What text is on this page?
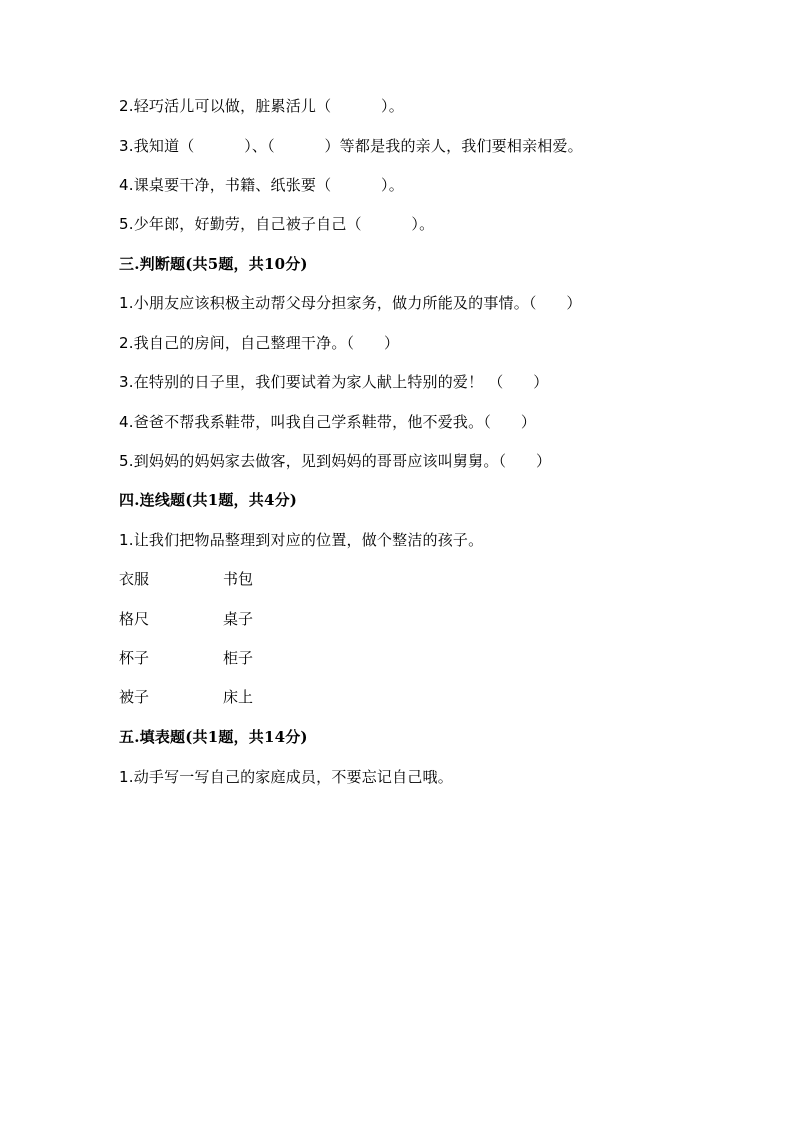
2.轻巧活儿可以做，脏累活儿（          ）。
3.我知道（          ）、（          ）等都是我的亲人，我们要相亲相爱。
4.课桌要干净，书籍、纸张要（          ）。
5.少年郎，好勤劳，自己被子自己（          ）。
三.判断题(共5题，共10分)
1.小朋友应该积极主动帮父母分担家务，做力所能及的事情。（      ）
2.我自己的房间，自己整理干净。（      ）
3.在特别的日子里，我们要试着为家人献上特别的爱！ （      ）
4.爸爸不帮我系鞋带，叫我自己学系鞋带，他不爱我。（      ）
5.到妈妈的妈妈家去做客，见到妈妈的哥哥应该叫舅舅。（      ）
四.连线题(共1题，共4分)
1.让我们把物品整理到对应的位置，做个整洁的孩子。
衣服	书包
格尺	桌子
杯子	柜子
被子	床上
五.填表题(共1题，共14分)
1.动手写一写自己的家庭成员，不要忘记自己哦。
